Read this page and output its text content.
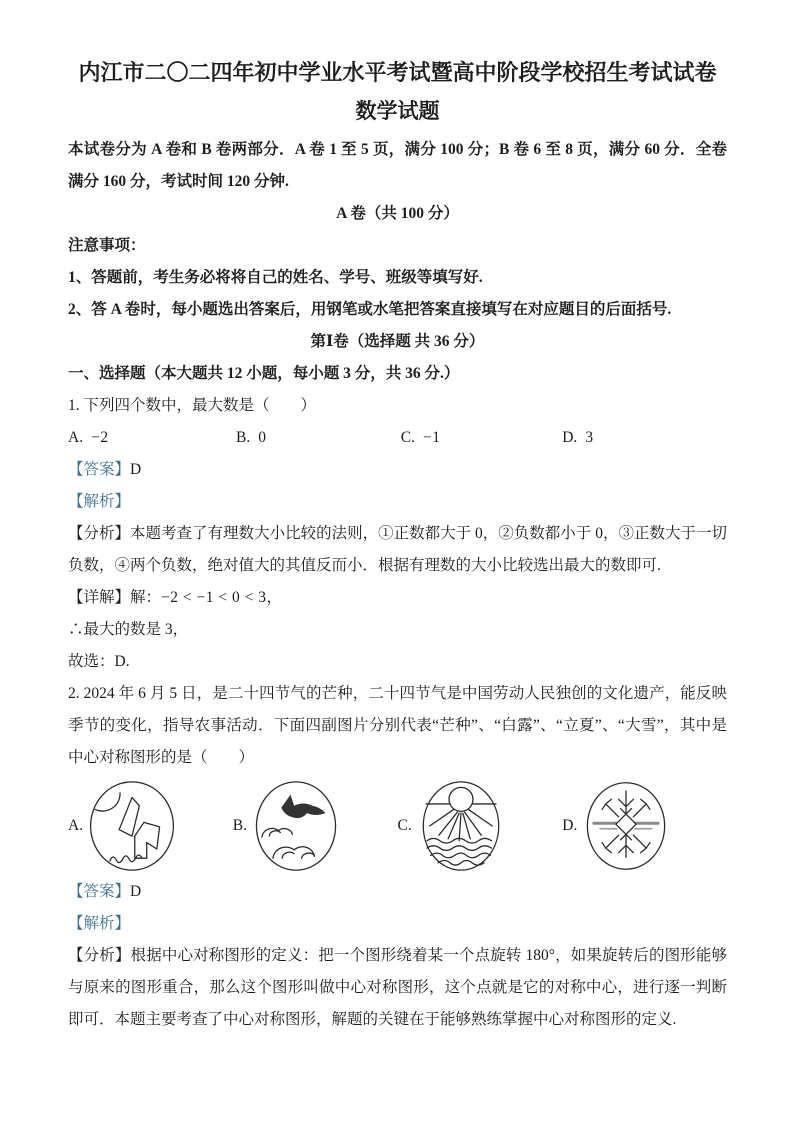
内江市二〇二四年初中学业水平考试暨高中阶段学校招生考试试卷
数学试题

本试卷分为 A 卷和 B 卷两部分．A 卷 1 至 5 页，满分 100 分；B 卷 6 至 8 页，满分 60 分．全卷满分 160 分，考试时间 120 分钟.

A 卷（共 100 分）

注意事项：

1、答题前，考生务必将将自己的姓名、学号、班级等填写好.

2、答 A 卷时，每小题选出答案后，用钢笔或水笔把答案直接填写在对应题目的后面括号.

第Ⅰ卷（选择题 共 36 分）

一、选择题（本大题共 12 小题，每小题 3 分，共 36 分.）

1. 下列四个数中，最大数是（　　）

A. −2	B. 0	C. −1	D. 3

【答案】D

【解析】

【分析】本题考查了有理数大小比较的法则，①正数都大于 0，②负数都小于 0，③正数大于一切负数，④两个负数，绝对值大的其值反而小．根据有理数的大小比较选出最大的数即可.

【详解】解：−2 < −1 < 0 < 3，

∴最大的数是 3，

故选：D.

2. 2024 年 6 月 5 日，是二十四节气的芒种，二十四节气是中国劳动人民独创的文化遗产，能反映季节的变化，指导农事活动．下面四副图片分别代表“芒种”、“白露”、“立夏”、“大雪”，其中是中心对称图形的是（　　）

A.	B.	C.	D.

【答案】D

【解析】

【分析】根据中心对称图形的定义：把一个图形绕着某一个点旋转 180°，如果旋转后的图形能够与原来的图形重合，那么这个图形叫做中心对称图形，这个点就是它的对称中心，进行逐一判断即可．本题主要考查了中心对称图形，解题的关键在于能够熟练掌握中心对称图形的定义.
